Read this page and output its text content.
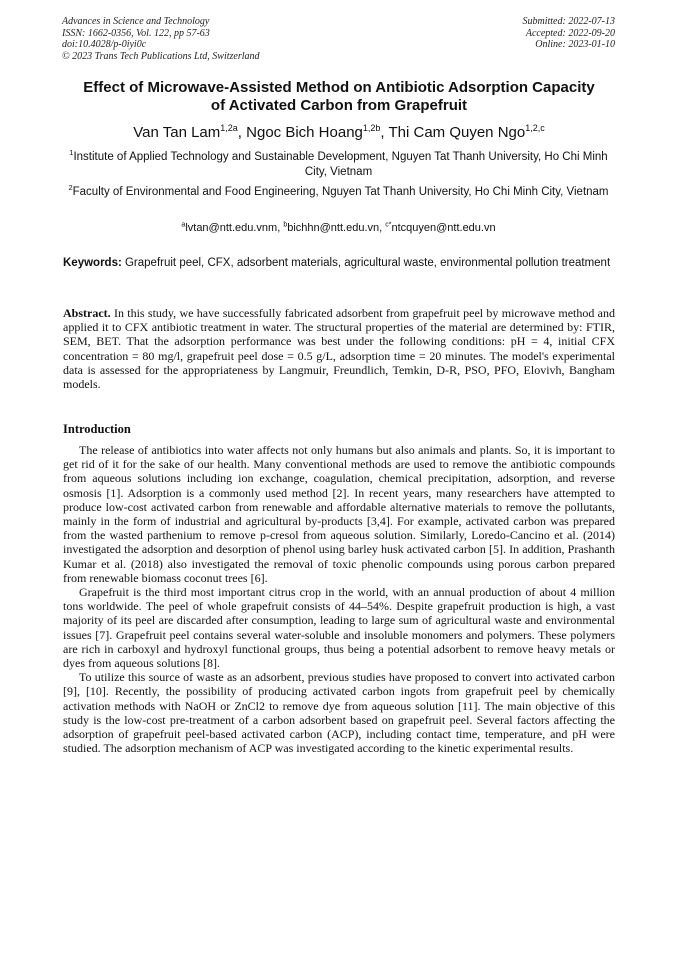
Advances in Science and Technology
ISSN: 1662-0356, Vol. 122, pp 57-63
doi:10.4028/p-0iyi0c
© 2023 Trans Tech Publications Ltd, Switzerland
Submitted: 2022-07-13
Accepted: 2022-09-20
Online: 2023-01-10
Effect of Microwave-Assisted Method on Antibiotic Adsorption Capacity
of Activated Carbon from Grapefruit
Van Tan Lam$^{1,2a}$, Ngoc Bich Hoang$^{1,2b}$, Thi Cam Quyen Ngo$^{1,2,c}$
$^1$Institute of Applied Technology and Sustainable Development, Nguyen Tat Thanh University, Ho Chi Minh City, Vietnam
$^2$Faculty of Environmental and Food Engineering, Nguyen Tat Thanh University, Ho Chi Minh City, Vietnam
$^a$lvtan@ntt.edu.vnm, $^b$bichhn@ntt.edu.vn, $^{c*}$ntcquyen@ntt.edu.vn
Keywords: Grapefruit peel, CFX, adsorbent materials, agricultural waste, environmental pollution treatment
Abstract. In this study, we have successfully fabricated adsorbent from grapefruit peel by microwave method and applied it to CFX antibiotic treatment in water. The structural properties of the material are determined by: FTIR, SEM, BET. That the adsorption performance was best under the following conditions: pH = 4, initial CFX concentration = 80 mg/l, grapefruit peel dose = 0.5 g/L, adsorption time = 20 minutes. The model's experimental data is assessed for the appropriateness by Langmuir, Freundlich, Temkin, D-R, PSO, PFO, Elovivh, Bangham models.
Introduction

The release of antibiotics into water affects not only humans but also animals and plants. So, it is important to get rid of it for the sake of our health. Many conventional methods are used to remove the antibiotic compounds from aqueous solutions including ion exchange, coagulation, chemical precipitation, adsorption, and reverse osmosis [1]. Adsorption is a commonly used method [2]. In recent years, many researchers have attempted to produce low-cost activated carbon from renewable and affordable alternative materials to remove the pollutants, mainly in the form of industrial and agricultural by-products [3,4]. For example, activated carbon was prepared from the wasted parthenium to remove p-cresol from aqueous solution. Similarly, Loredo-Cancino et al. (2014) investigated the adsorption and desorption of phenol using barley husk activated carbon [5]. In addition, Prashanth Kumar et al. (2018) also investigated the removal of toxic phenolic compounds using porous carbon prepared from renewable biomass coconut trees [6].

Grapefruit is the third most important citrus crop in the world, with an annual production of about 4 million tons worldwide. The peel of whole grapefruit consists of 44–54%. Despite grapefruit production is high, a vast majority of its peel are discarded after consumption, leading to large sum of agricultural waste and environmental issues [7]. Grapefruit peel contains several water-soluble and insoluble monomers and polymers. These polymers are rich in carboxyl and hydroxyl functional groups, thus being a potential adsorbent to remove heavy metals or dyes from aqueous solutions [8].

To utilize this source of waste as an adsorbent, previous studies have proposed to convert into activated carbon [9], [10]. Recently, the possibility of producing activated carbon ingots from grapefruit peel by chemically activation methods with NaOH or ZnCl2 to remove dye from aqueous solution [11]. The main objective of this study is the low-cost pre-treatment of a carbon adsorbent based on grapefruit peel. Several factors affecting the adsorption of grapefruit peel-based activated carbon (ACP), including contact time, temperature, and pH were studied. The adsorption mechanism of ACP was investigated according to the kinetic experimental results.
